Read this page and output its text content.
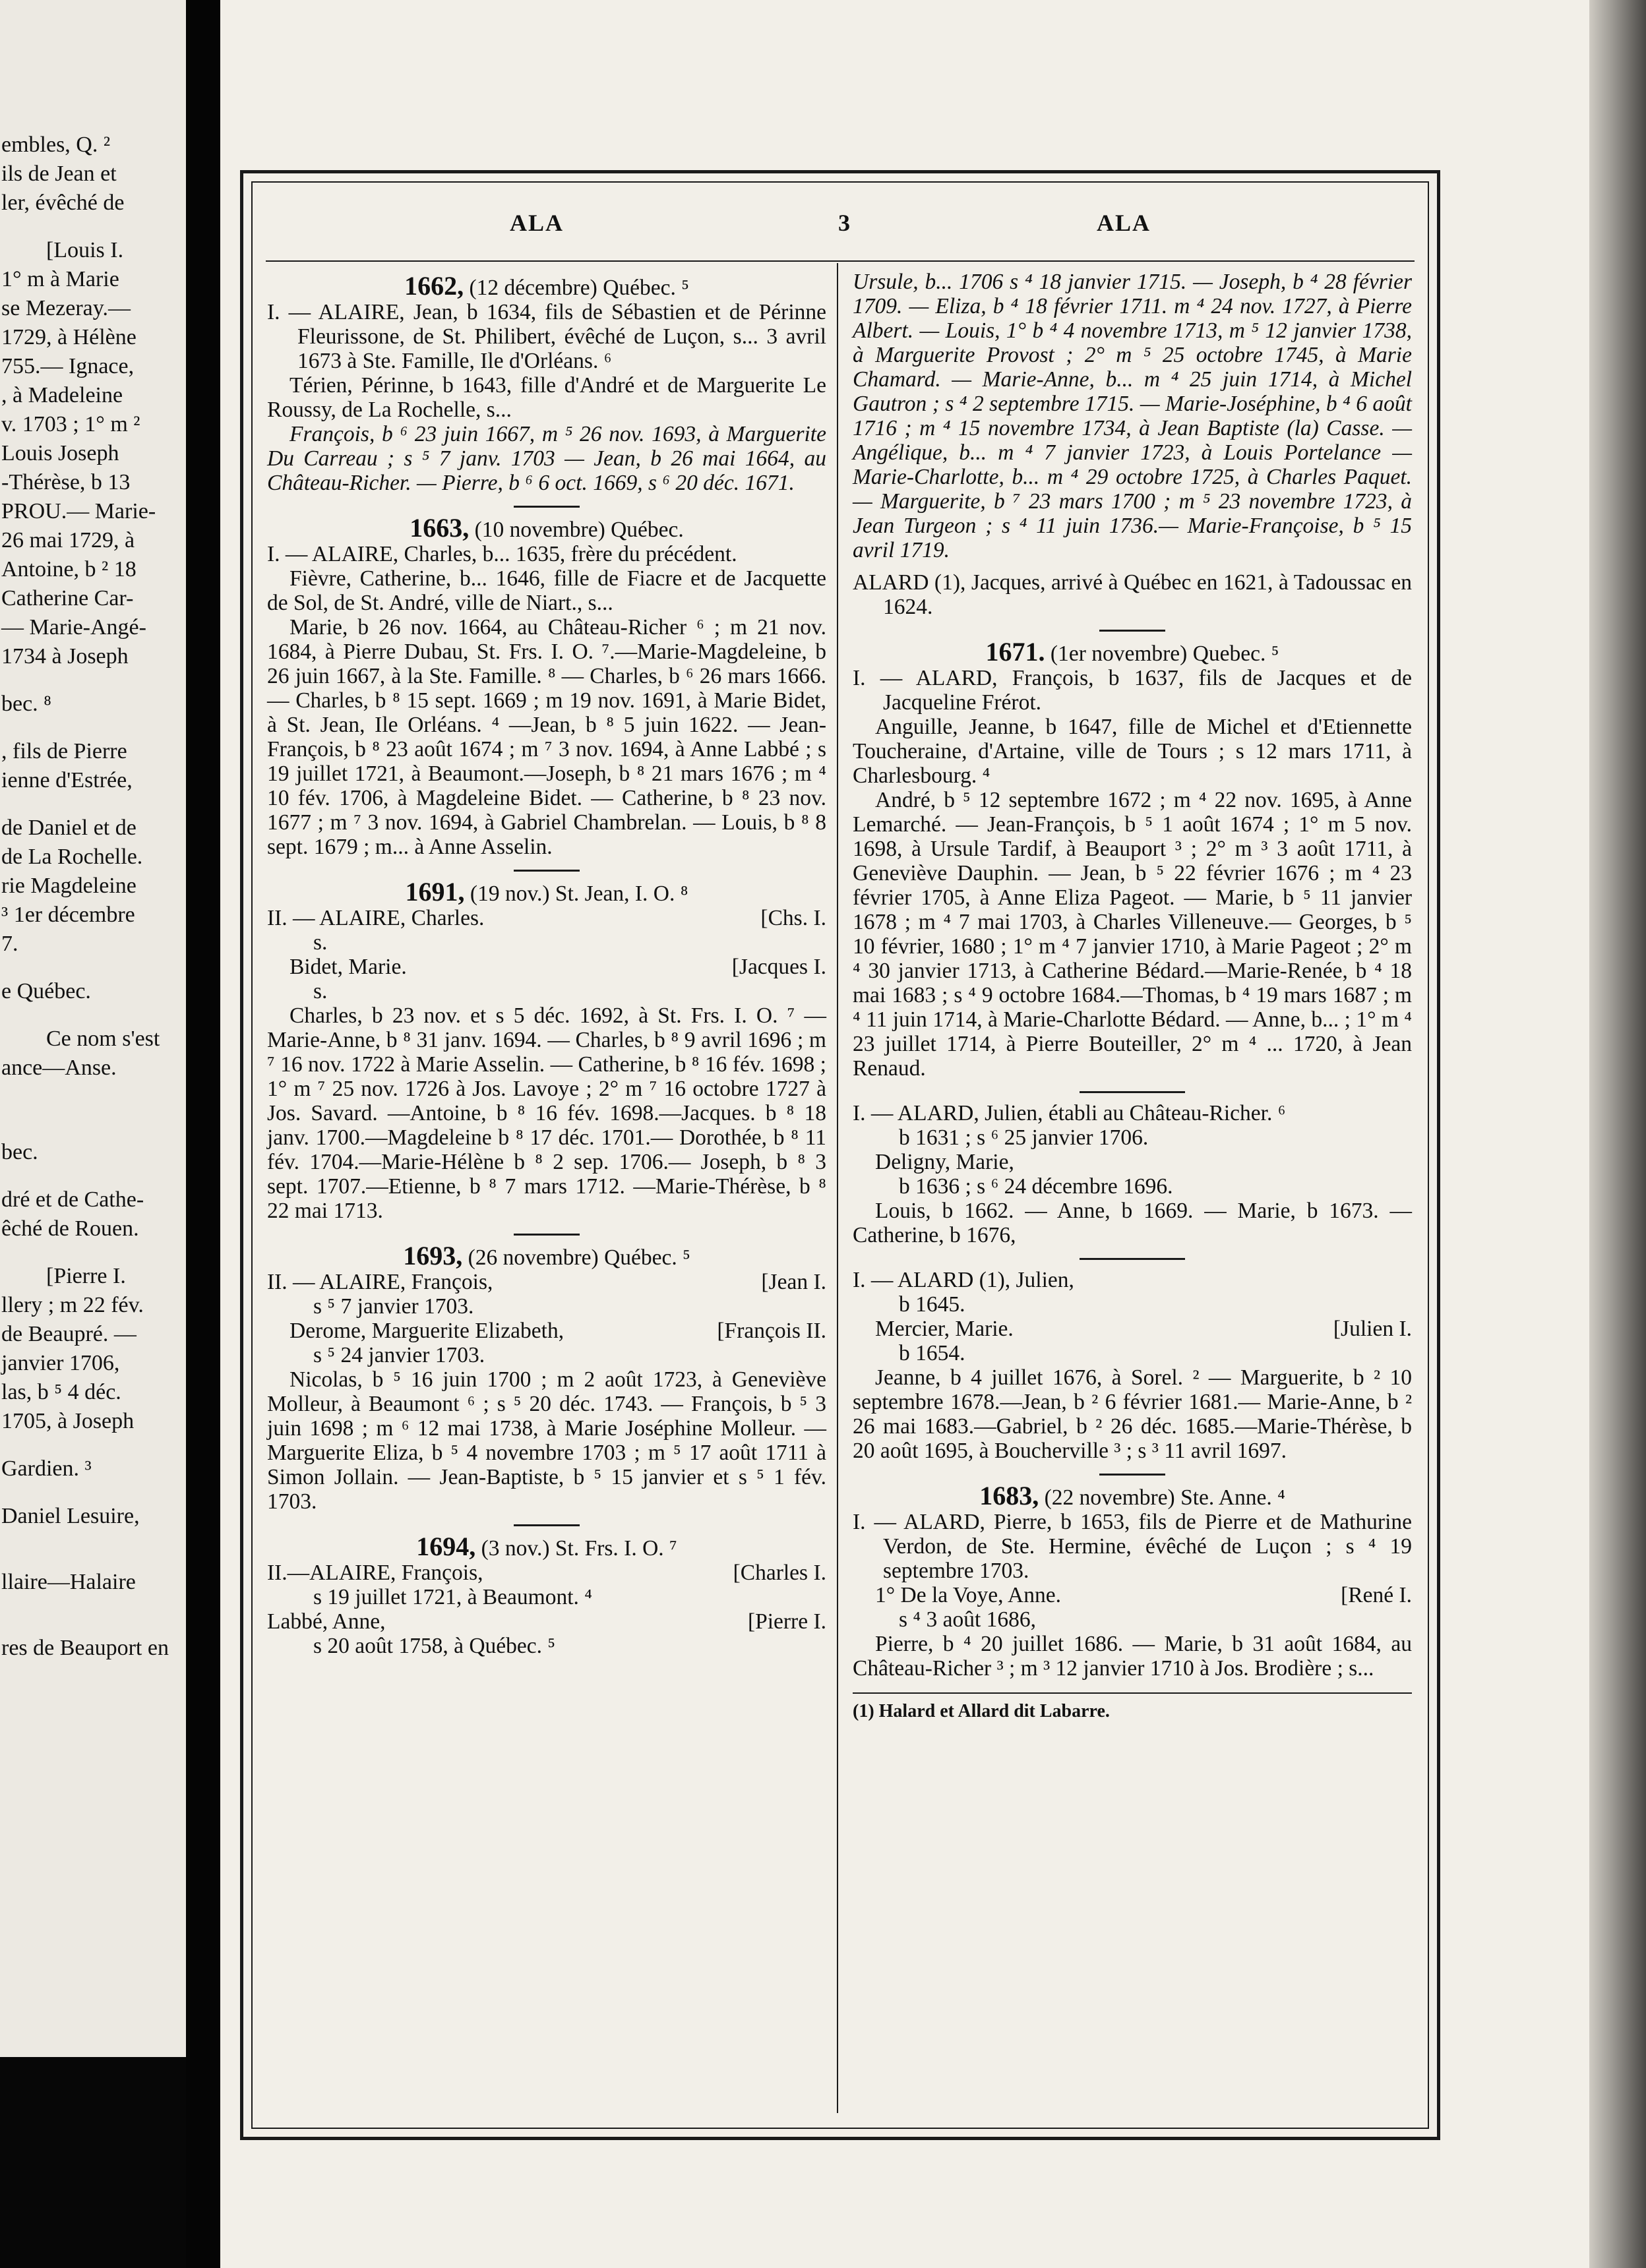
embles, Q. ²
ils de Jean et
ler, évêché de
[Louis I.
1° m à Marie
se Mezeray.—
1729, à Hélène
755.— Ignace,
, à Madeleine
v. 1703 ; 1° m ²
Louis Joseph
-Thérèse, b 13
PROU.— Marie-
26 mai 1729, à
Antoine, b ² 18
Catherine Car-
— Marie-Angé-
1734 à Joseph
bec. ⁸
, fils de Pierre
ienne d'Estrée,
de Daniel et de
de La Rochelle.
rie Magdeleine
³ 1er décembre
7.
e Québec.
Ce nom s'est
ance—Anse.
bec.
dré et de Cathe-
êché de Rouen.
[Pierre I.
llery ; m 22 fév.
de Beaupré. —
janvier 1706,
las, b ⁵ 4 déc.
1705, à Joseph
Gardien. ³
Daniel Lesuire,
llaire—Halaire
res de Beauport en
ALA	3	ALA

1662, (12 décembre) Québec. ⁵

I. — ALAIRE, Jean, b 1634, fils de Sébastien et de Périnne Fleurissone, de St. Philibert, évêché de Luçon, s... 3 avril 1673 à Ste. Famille, Ile d'Orléans. ⁶

Térien, Périnne, b 1643, fille d'André et de Marguerite Le Roussy, de La Rochelle, s...

François, b ⁶ 23 juin 1667, m ⁵ 26 nov. 1693, à Marguerite Du Carreau ; s ⁵ 7 janv. 1703 — Jean, b 26 mai 1664, au Château-Richer. — Pierre, b ⁶ 6 oct. 1669, s ⁶ 20 déc. 1671.

1663, (10 novembre) Québec.

I. — ALAIRE, Charles, b... 1635, frère du précédent.

Fièvre, Catherine, b... 1646, fille de Fiacre et de Jacquette de Sol, de St. André, ville de Niart., s...

Marie, b 26 nov. 1664, au Château-Richer ⁶ ; m 21 nov. 1684, à Pierre Dubau, St. Frs. I. O. ⁷.—Marie-Magdeleine, b 26 juin 1667, à la Ste. Famille. ⁸ — Charles, b ⁶ 26 mars 1666. — Charles, b ⁸ 15 sept. 1669 ; m 19 nov. 1691, à Marie Bidet, à St. Jean, Ile Orléans. ⁴ —Jean, b ⁸ 5 juin 1622. — Jean-François, b ⁸ 23 août 1674 ; m ⁷ 3 nov. 1694, à Anne Labbé ; s 19 juillet 1721, à Beaumont.—Joseph, b ⁸ 21 mars 1676 ; m ⁴ 10 fév. 1706, à Magdeleine Bidet. — Catherine, b ⁸ 23 nov. 1677 ; m ⁷ 3 nov. 1694, à Gabriel Chambrelan. — Louis, b ⁸ 8 sept. 1679 ; m... à Anne Asselin.

1691, (19 nov.) St. Jean, I. O. ⁸

II. — ALAIRE, Charles.	[Chs. I.

s.

Bidet, Marie.	[Jacques I.

s.

Charles, b 23 nov. et s 5 déc. 1692, à St. Frs. I. O. ⁷ — Marie-Anne, b ⁸ 31 janv. 1694. — Charles, b ⁸ 9 avril 1696 ; m ⁷ 16 nov. 1722 à Marie Asselin. — Catherine, b ⁸ 16 fév. 1698 ; 1° m ⁷ 25 nov. 1726 à Jos. Lavoye ; 2° m ⁷ 16 octobre 1727 à Jos. Savard. —Antoine, b ⁸ 16 fév. 1698.—Jacques. b ⁸ 18 janv. 1700.—Magdeleine b ⁸ 17 déc. 1701.— Dorothée, b ⁸ 11 fév. 1704.—Marie-Hélène b ⁸ 2 sep. 1706.— Joseph, b ⁸ 3 sept. 1707.—Etienne, b ⁸ 7 mars 1712. —Marie-Thérèse, b ⁸ 22 mai 1713.

1693, (26 novembre) Québec. ⁵

II. — ALAIRE, François,	[Jean I.

s ⁵ 7 janvier 1703.

Derome, Marguerite Elizabeth,	[François II.

s ⁵ 24 janvier 1703.

Nicolas, b ⁵ 16 juin 1700 ; m 2 août 1723, à Geneviève Molleur, à Beaumont ⁶ ; s ⁵ 20 déc. 1743. — François, b ⁵ 3 juin 1698 ; m ⁶ 12 mai 1738, à Marie Joséphine Molleur. — Marguerite Eliza, b ⁵ 4 novembre 1703 ; m ⁵ 17 août 1711 à Simon Jollain. — Jean-Baptiste, b ⁵ 15 janvier et s ⁵ 1 fév. 1703.

1694, (3 nov.) St. Frs. I. O. ⁷

II.—ALAIRE, François,	[Charles I.

s 19 juillet 1721, à Beaumont. ⁴

Labbé, Anne,	[Pierre I.

s 20 août 1758, à Québec. ⁵

Ursule, b... 1706 s ⁴ 18 janvier 1715. — Joseph, b ⁴ 28 février 1709. — Eliza, b ⁴ 18 février 1711. m ⁴ 24 nov. 1727, à Pierre Albert. — Louis, 1° b ⁴ 4 novembre 1713, m ⁵ 12 janvier 1738, à Marguerite Provost ; 2° m ⁵ 25 octobre 1745, à Marie Chamard. — Marie-Anne, b... m ⁴ 25 juin 1714, à Michel Gautron ; s ⁴ 2 septembre 1715. — Marie-Joséphine, b ⁴ 6 août 1716 ; m ⁴ 15 novembre 1734, à Jean Baptiste (la) Casse. — Angélique, b... m ⁴ 7 janvier 1723, à Louis Portelance — Marie-Charlotte, b... m ⁴ 29 octobre 1725, à Charles Paquet. — Marguerite, b ⁷ 23 mars 1700 ; m ⁵ 23 novembre 1723, à Jean Turgeon ; s ⁴ 11 juin 1736.— Marie-Françoise, b ⁵ 15 avril 1719.

ALARD (1), Jacques, arrivé à Québec en 1621, à Tadoussac en 1624.

1671. (1er novembre) Quebec. ⁵

I. — ALARD, François, b 1637, fils de Jacques et de Jacqueline Frérot.

Anguille, Jeanne, b 1647, fille de Michel et d'Etiennette Toucheraine, d'Artaine, ville de Tours ; s 12 mars 1711, à Charlesbourg. ⁴

André, b ⁵ 12 septembre 1672 ; m ⁴ 22 nov. 1695, à Anne Lemarché. — Jean-François, b ⁵ 1 août 1674 ; 1° m 5 nov. 1698, à Ursule Tardif, à Beauport ³ ; 2° m ³ 3 août 1711, à Geneviève Dauphin. — Jean, b ⁵ 22 février 1676 ; m ⁴ 23 février 1705, à Anne Eliza Pageot. — Marie, b ⁵ 11 janvier 1678 ; m ⁴ 7 mai 1703, à Charles Villeneuve.— Georges, b ⁵ 10 février, 1680 ; 1° m ⁴ 7 janvier 1710, à Marie Pageot ; 2° m ⁴ 30 janvier 1713, à Catherine Bédard.—Marie-Renée, b ⁴ 18 mai 1683 ; s ⁴ 9 octobre 1684.—Thomas, b ⁴ 19 mars 1687 ; m ⁴ 11 juin 1714, à Marie-Charlotte Bédard. — Anne, b... ; 1° m ⁴ 23 juillet 1714, à Pierre Bouteiller, 2° m ⁴ ... 1720, à Jean Renaud.

I. — ALARD, Julien, établi au Château-Richer. ⁶

b 1631 ; s ⁶ 25 janvier 1706.

Deligny, Marie,

b 1636 ; s ⁶ 24 décembre 1696.

Louis, b 1662. — Anne, b 1669. — Marie, b 1673. — Catherine, b 1676,

I. — ALARD (1), Julien,

b 1645.

Mercier, Marie.	[Julien I.

b 1654.

Jeanne, b 4 juillet 1676, à Sorel. ² — Marguerite, b ² 10 septembre 1678.—Jean, b ² 6 février 1681.— Marie-Anne, b ² 26 mai 1683.—Gabriel, b ² 26 déc. 1685.—Marie-Thérèse, b 20 août 1695, à Boucherville ³ ; s ³ 11 avril 1697.

1683, (22 novembre) Ste. Anne. ⁴

I. — ALARD, Pierre, b 1653, fils de Pierre et de Mathurine Verdon, de Ste. Hermine, évêché de Luçon ; s ⁴ 19 septembre 1703.

1° De la Voye, Anne.	[René I.

s ⁴ 3 août 1686,

Pierre, b ⁴ 20 juillet 1686. — Marie, b 31 août 1684, au Château-Richer ³ ; m ³ 12 janvier 1710 à Jos. Brodière ; s...

(1) Halard et Allard dit Labarre.
